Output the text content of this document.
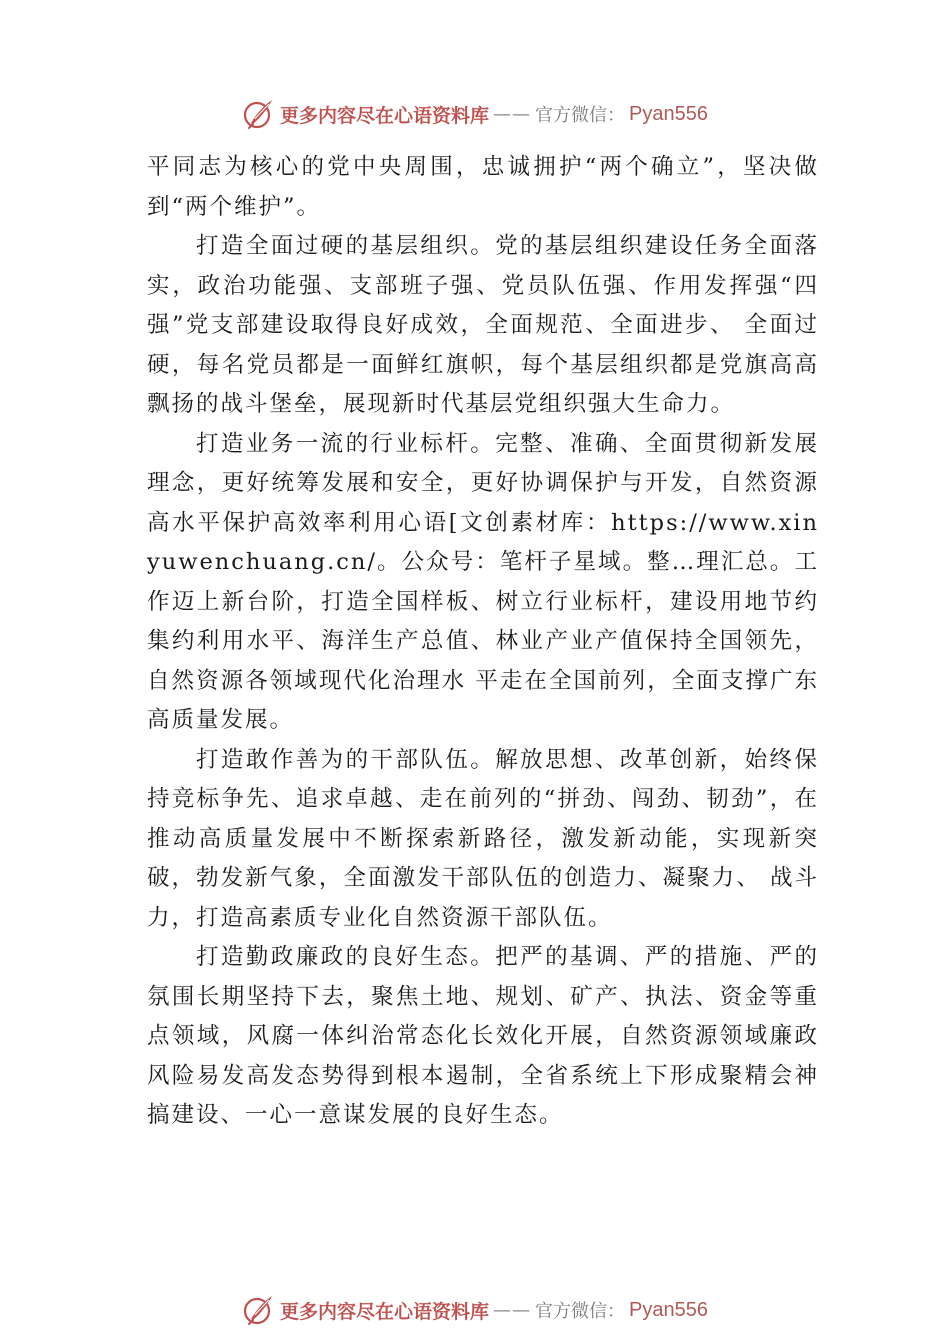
更多内容尽在心语资料库 —— 官方微信： Pyan556

平同志为核心的党中央周围，忠诚拥护“两个确立”，坚决做到“两个维护”。

打造全面过硬的基层组织。党的基层组织建设任务全面落实，政治功能强、支部班子强、党员队伍强、作用发挥强“四强”党支部建设取得良好成效，全面规范、全面进步、 全面过硬，每名党员都是一面鲜红旗帜，每个基层组织都是党旗高高飘扬的战斗堡垒，展现新时代基层党组织强大生命力。

打造业务一流的行业标杆。完整、准确、全面贯彻新发展理念，更好统筹发展和安全，更好协调保护与开发，自然资源高水平保护高效率利用心语[文创素材库：https://www.xinyuwenchuang.cn/。公众号：笔杆子星域。整…理汇总。工作迈上新台阶，打造全国样板、树立行业标杆，建设用地节约集约利用水平、海洋生产总值、林业产业产值保持全国领先，自然资源各领域现代化治理水 平走在全国前列，全面支撑广东高质量发展。

打造敢作善为的干部队伍。解放思想、改革创新，始终保持竞标争先、追求卓越、走在前列的“拼劲、闯劲、韧劲”，在推动高质量发展中不断探索新路径，激发新动能，实现新突破，勃发新气象，全面激发干部队伍的创造力、凝聚力、 战斗力，打造高素质专业化自然资源干部队伍。

打造勤政廉政的良好生态。把严的基调、严的措施、严的氛围长期坚持下去，聚焦土地、规划、矿产、执法、资金等重点领域，风腐一体纠治常态化长效化开展，自然资源领域廉政风险易发高发态势得到根本遏制，全省系统上下形成聚精会神搞建设、一心一意谋发展的良好生态。

更多内容尽在心语资料库 —— 官方微信： Pyan556
